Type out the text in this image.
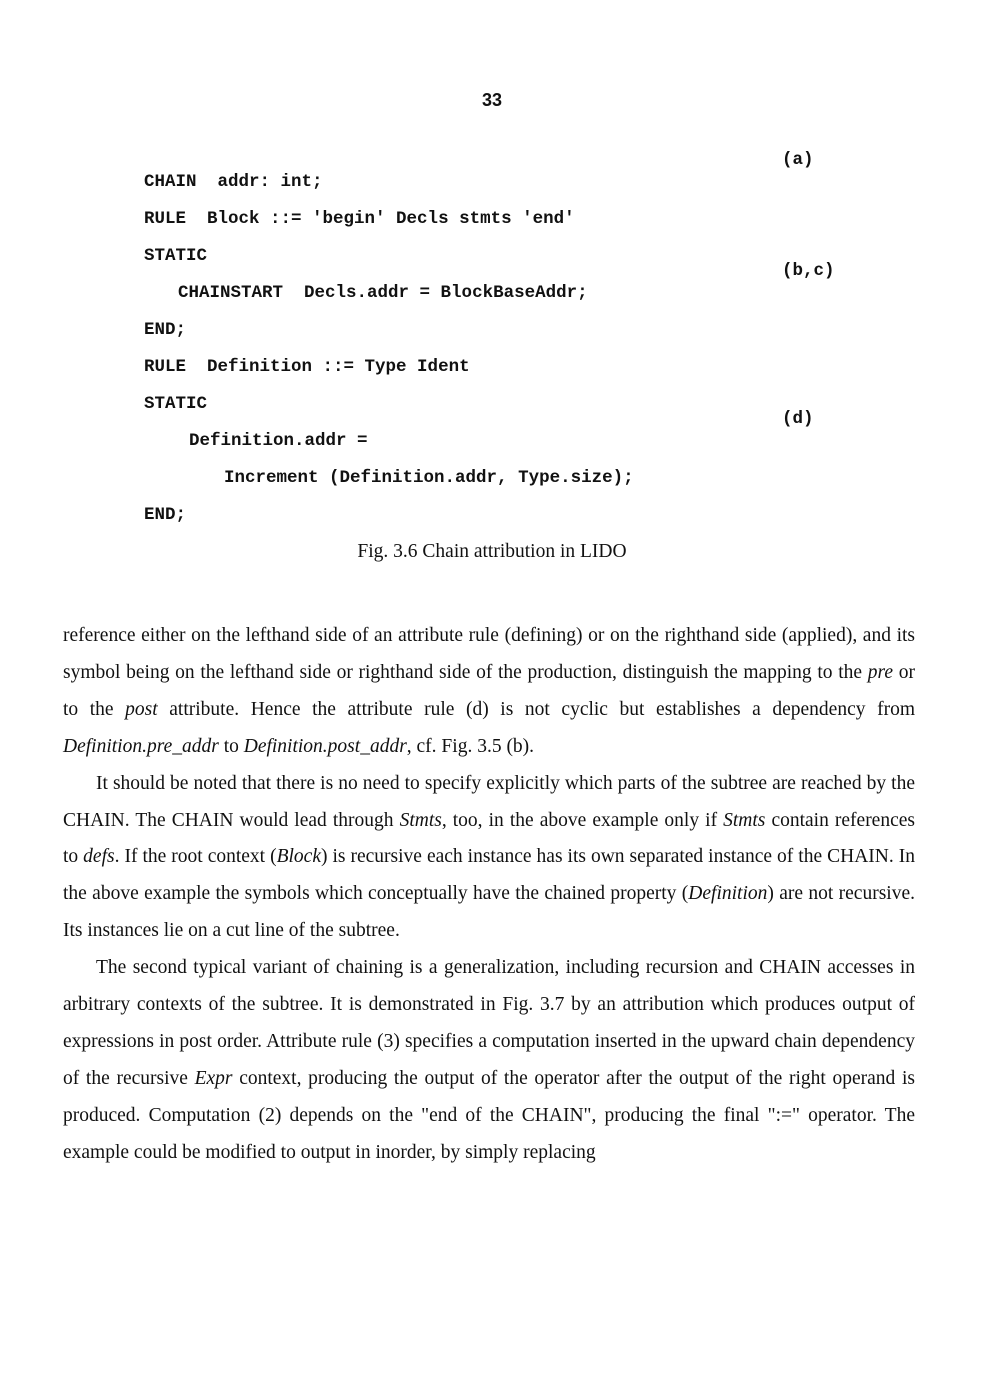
33

CHAIN  addr: int;

(a)

RULE  Block ::= 'begin' Decls stmts 'end'

STATIC

CHAINSTART  Decls.addr = BlockBaseAddr;

(b,c)

END;

RULE  Definition ::= Type Ident

STATIC

Definition.addr =

(d)

Increment (Definition.addr, Type.size);

END;

Fig. 3.6 Chain attribution in LIDO

reference either on the lefthand side of an attribute rule (defining) or on the righthand side (applied), and its symbol being on the lefthand side or righthand side of the production, distinguish the mapping to the pre or to the post attribute. Hence the attribute rule (d) is not cyclic but establishes a dependency from Definition.pre_addr to Definition.post_addr, cf. Fig. 3.5 (b).

It should be noted that there is no need to specify explicitly which parts of the subtree are reached by the CHAIN. The CHAIN would lead through Stmts, too, in the above example only if Stmts contain references to defs. If the root context (Block) is recursive each instance has its own separated instance of the CHAIN. In the above example the symbols which conceptually have the chained property (Definition) are not recursive. Its instances lie on a cut line of the subtree.

The second typical variant of chaining is a generalization, including recursion and CHAIN accesses in arbitrary contexts of the subtree. It is demonstrated in Fig. 3.7 by an attribution which produces output of expressions in post order. Attribute rule (3) specifies a computation inserted in the upward chain dependency of the recursive Expr context, producing the output of the operator after the output of the right operand is produced. Computation (2) depends on the "end of the CHAIN", producing the final ":=" operator. The example could be modified to output in inorder, by simply replacing
